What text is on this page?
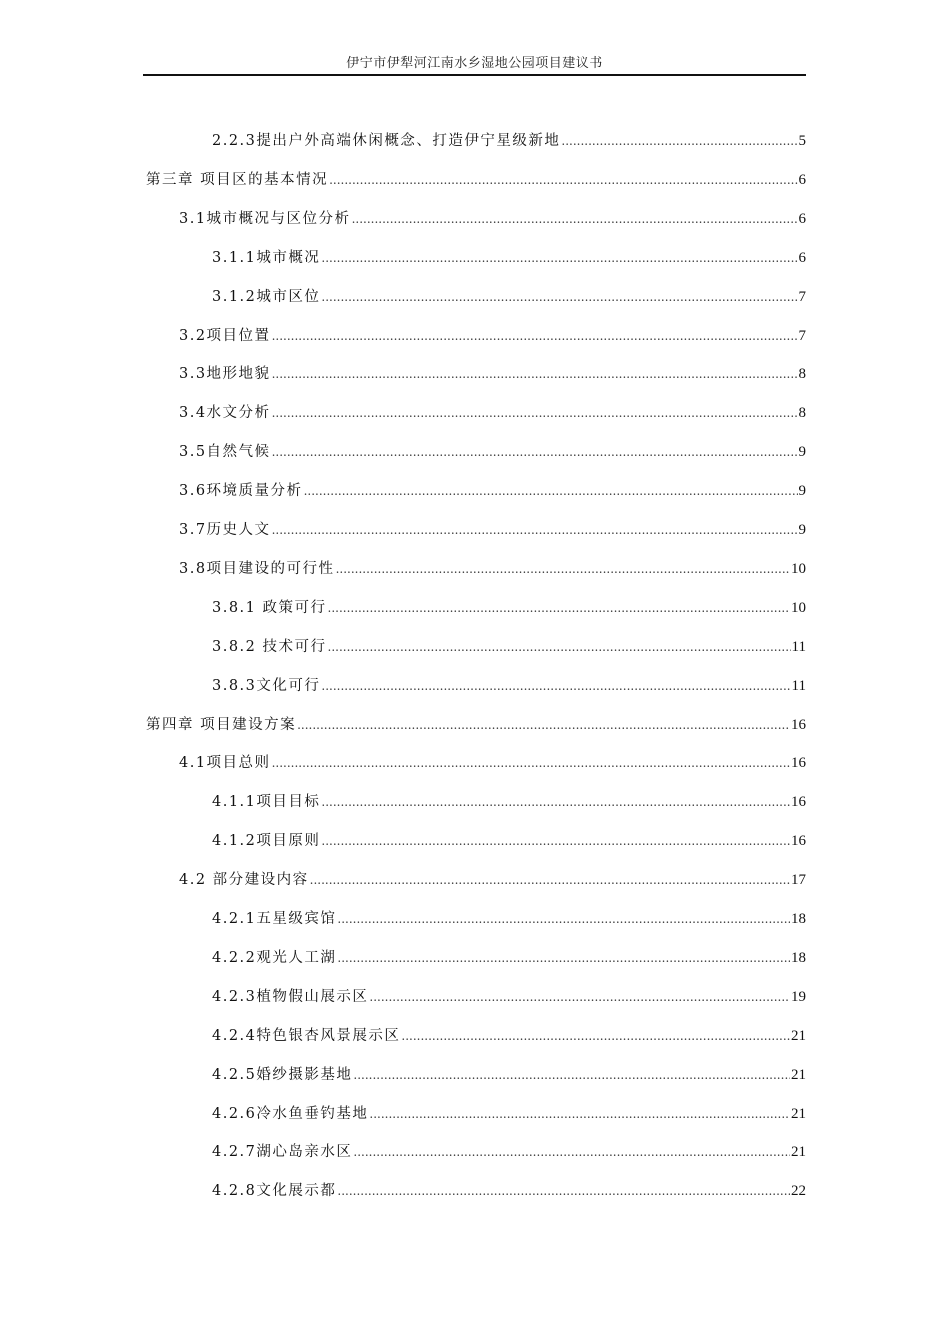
伊宁市伊犁河江南水乡湿地公园项目建议书
2.2.3提出户外高端休闲概念、打造伊宁星级新地 .....	5
第三章 项目区的基本情况 .....	6
3.1城市概况与区位分析 .....	6
3.1.1城市概况 .....	6
3.1.2城市区位 .....	7
3.2项目位置 .....	7
3.3地形地貌 .....	8
3.4水文分析 .....	8
3.5自然气候 .....	9
3.6环境质量分析 .....	9
3.7历史人文 .....	9
3.8项目建设的可行性 .....	10
3.8.1 政策可行 .....	10
3.8.2 技术可行 .....	11
3.8.3文化可行 .....	11
第四章 项目建设方案 .....	16
4.1项目总则 .....	16
4.1.1项目目标 .....	16
4.1.2项目原则 .....	16
4.2 部分建设内容 .....	17
4.2.1五星级宾馆 .....	18
4.2.2观光人工湖 .....	18
4.2.3植物假山展示区 .....	19
4.2.4特色银杏风景展示区 .....	21
4.2.5婚纱摄影基地 .....	21
4.2.6冷水鱼垂钓基地 .....	21
4.2.7湖心岛亲水区 .....	21
4.2.8文化展示都 .....	22
